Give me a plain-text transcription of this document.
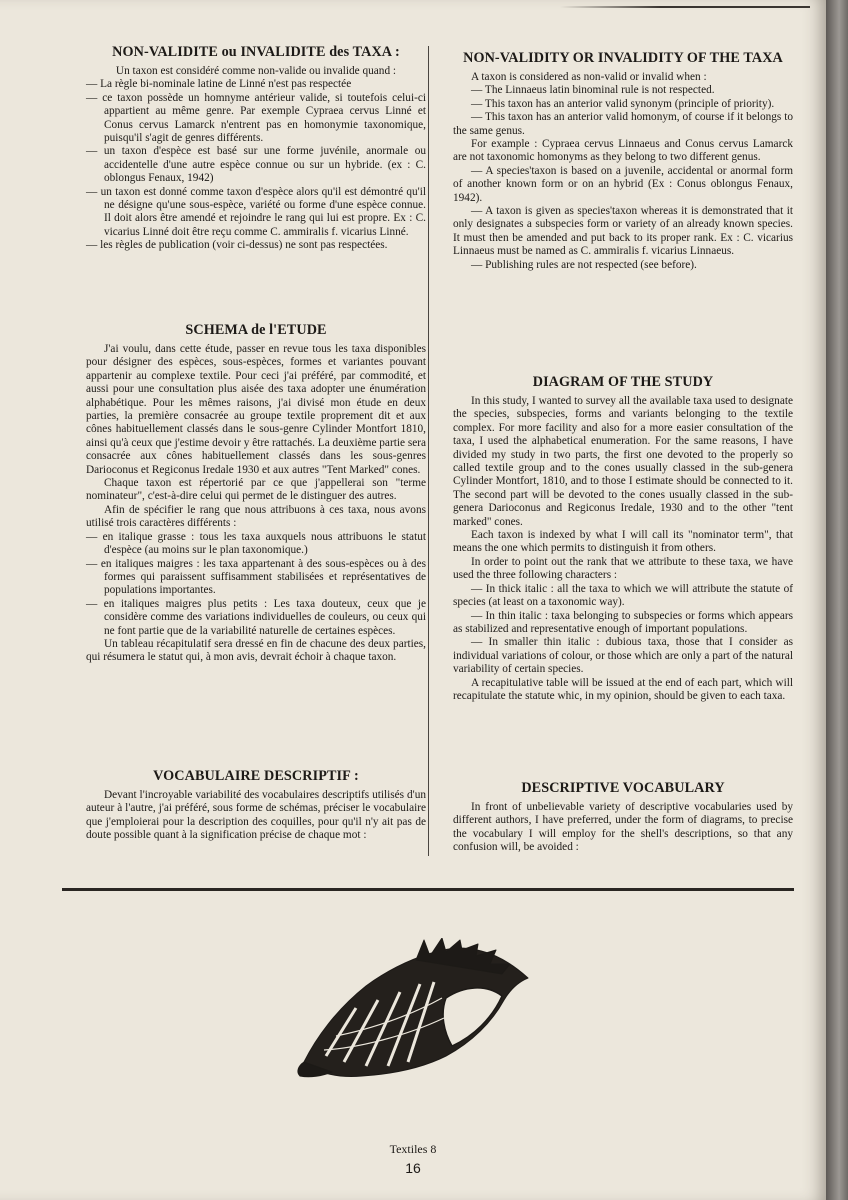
NON-VALIDITE ou INVALIDITE des TAXA :

Un taxon est considéré comme non-valide ou invalide quand :

— La règle bi-nominale latine de Linné n'est pas respectée

— ce taxon possède un homnyme antérieur valide, si toutefois celui-ci appartient au même genre. Par exemple Cypraea cervus Linné et Conus cervus Lamarck n'entrent pas en homonymie taxonomique, puisqu'il s'agit de genres différents.

— un taxon d'espèce est basé sur une forme juvénile, anormale ou accidentelle d'une autre espèce connue ou sur un hybride. (ex : C. oblongus Fenaux, 1942)

— un taxon est donné comme taxon d'espèce alors qu'il est démontré qu'il ne désigne qu'une sous-espèce, variété ou forme d'une espèce connue. Il doit alors être amendé et rejoindre le rang qui lui est propre. Ex : C. vicarius Linné doit être reçu comme C. ammiralis f. vicarius Linné.

— les règles de publication (voir ci-dessus) ne sont pas respectées.

SCHEMA de l'ETUDE

J'ai voulu, dans cette étude, passer en revue tous les taxa disponibles pour désigner des espèces, sous-espèces, formes et variantes pouvant appartenir au complexe textile. Pour ceci j'ai préféré, par commodité, et aussi pour une consultation plus aisée des taxa adopter une énumération alphabétique. Pour les mêmes raisons, j'ai divisé mon étude en deux parties, la première consacrée au groupe textile proprement dit et aux cônes habituellement classés dans le sous-genre Cylinder Montfort 1810, ainsi qu'à ceux que j'estime devoir y être rattachés. La deuxième partie sera consacrée aux cônes habituellement classés dans les sous-genres Darioconus et Regiconus Iredale 1930 et aux autres "Tent Marked" cones.

Chaque taxon est répertorié par ce que j'appellerai son "terme nominateur", c'est-à-dire celui qui permet de le distinguer des autres.

Afin de spécifier le rang que nous attribuons à ces taxa, nous avons utilisé trois caractères différents :

— en italique grasse : tous les taxa auxquels nous attribuons le statut d'espèce (au moins sur le plan taxonomique.)

— en italiques maigres : les taxa appartenant à des sous-espèces ou à des formes qui paraissent suffisamment stabilisées et représentatives de populations importantes.

— en italiques maigres plus petits : Les taxa douteux, ceux que je considère comme des variations individuelles de couleurs, ou ceux qui ne font partie que de la variabilité naturelle de certaines espèces.

Un tableau récapitulatif sera dressé en fin de chacune des deux parties, qui résumera le statut qui, à mon avis, devrait échoir à chaque taxon.

VOCABULAIRE DESCRIPTIF :

Devant l'incroyable variabilité des vocabulaires descriptifs utilisés d'un auteur à l'autre, j'ai préféré, sous forme de schémas, préciser le vocabulaire que j'emploierai pour la description des coquilles, pour qu'il n'y ait pas de doute possible quant à la signification précise de chaque mot :

NON-VALIDITY OR INVALIDITY OF THE TAXA

A taxon is considered as non-valid or invalid when :

— The Linnaeus latin binominal rule is not respected.

— This taxon has an anterior valid synonym (principle of priority).

— This taxon has an anterior valid homonym, of course if it belongs to the same genus.

For example : Cypraea cervus Linnaeus and Conus cervus Lamarck are not taxonomic homonyms as they belong to two different genus.

— A species'taxon is based on a juvenile, accidental or anormal form of another known form or on an hybrid (Ex : Conus oblongus Fenaux, 1942).

— A taxon is given as species'taxon whereas it is demonstrated that it only designates a subspecies form or variety of an already known species. It must then be amended and put back to its proper rank. Ex : C. vicarius Linnaeus must be named as C. ammiralis f. vicarius Linnaeus.

— Publishing rules are not respected (see before).

DIAGRAM OF THE STUDY

In this study, I wanted to survey all the available taxa used to designate the species, subspecies, forms and variants belonging to the textile complex. For more facility and also for a more easier consultation of the taxa, I used the alphabetical enumeration. For the same reasons, I have divided my study in two parts, the first one devoted to the properly so called textile group and to the cones usually classed in the sub-genera Cylinder Montfort, 1810, and to those I estimate should be connected to it. The second part will be devoted to the cones usually classed in the sub-genera Darioconus and Regiconus Iredale, 1930 and to the other "tent marked" cones.

Each taxon is indexed by what I will call its "nominator term", that means the one which permits to distinguish it from others.

In order to point out the rank that we attribute to these taxa, we have used the three following characters :

— In thick italic : all the taxa to which we will attribute the statute of species (at least on a taxonomic way).

— In thin italic : taxa belonging to subspecies or forms which appears as stabilized and representative enough of important populations.

— In smaller thin italic : dubious taxa, those that I consider as individual variations of colour, or those which are only a part of the natural variability of certain species.

A recapitulative table will be issued at the end of each part, which will recapitulate the statute whic, in my opinion, should be given to each taxa.

DESCRIPTIVE VOCABULARY

In front of unbelievable variety of descriptive vocabularies used by different authors, I have preferred, under the form of diagrams, to precise the vocabulary I will employ for the shell's descriptions, so that any confusion will, be avoided :

Textiles 8
16
